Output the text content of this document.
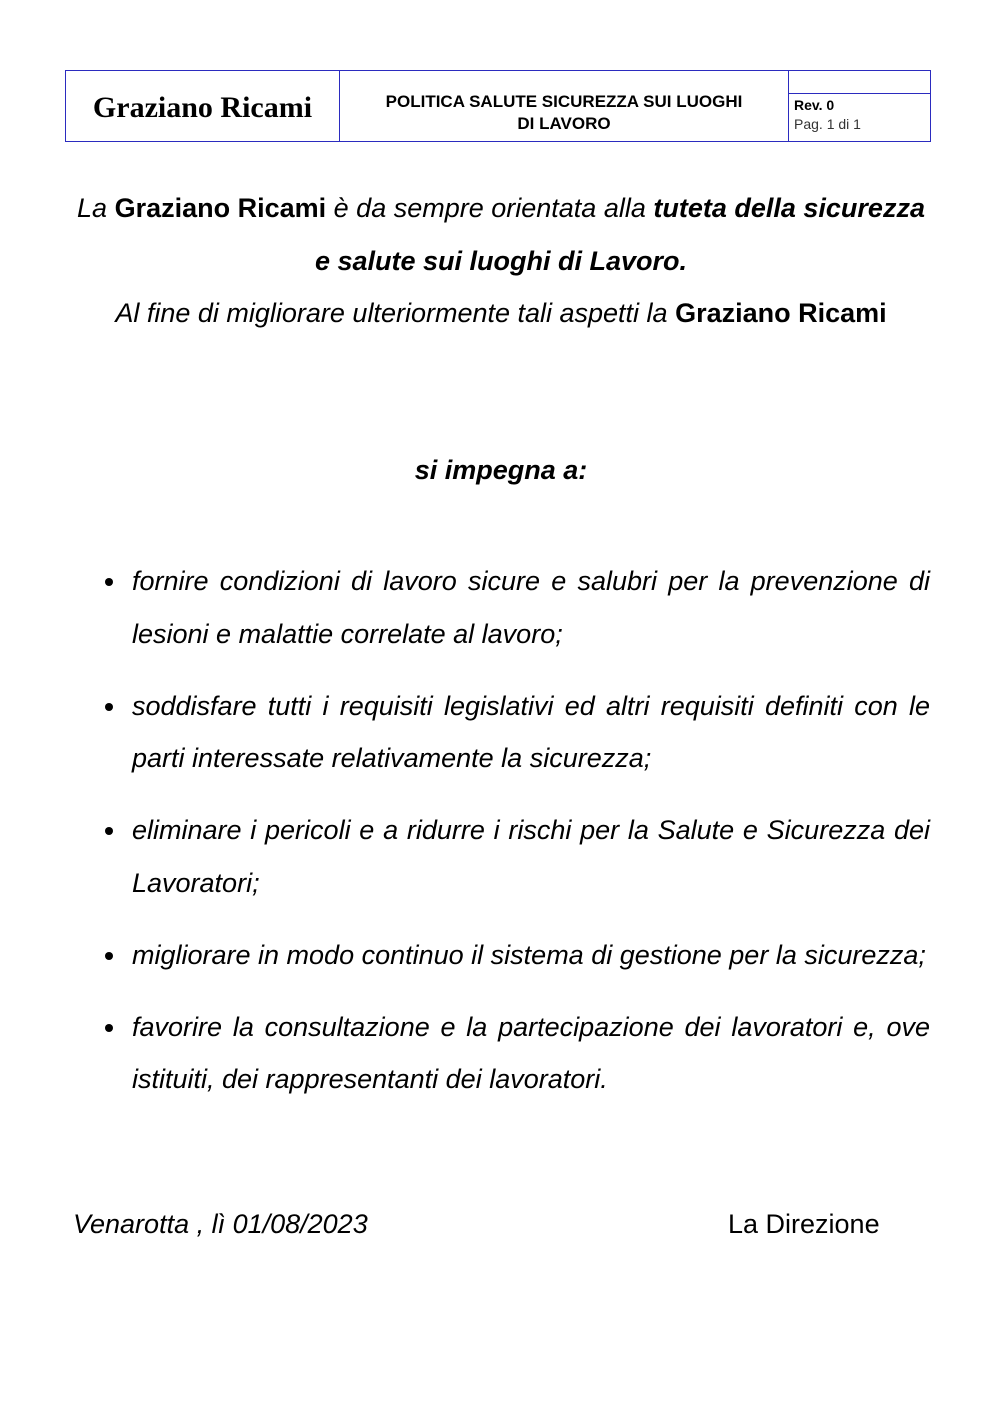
Graziano Ricami	POLITICA SALUTE SICUREZZA SUI LUOGHI
DI LAVORO
Rev. 0
Pag. 1 di 1
La Graziano Ricami è da sempre orientata alla tuteta della sicurezza e salute sui luoghi di Lavoro.
Al fine di migliorare ulteriormente tali aspetti la Graziano Ricami
si impegna a:
fornire condizioni di lavoro sicure e salubri per la prevenzione di lesioni e malattie correlate al lavoro;
soddisfare tutti i requisiti legislativi ed altri requisiti definiti con le parti interessate relativamente la sicurezza;
eliminare i pericoli e a ridurre i rischi per la Salute e Sicurezza dei Lavoratori;
migliorare in modo continuo il sistema di gestione per la sicurezza;
favorire la consultazione e la partecipazione dei lavoratori e, ove istituiti, dei rappresentanti dei lavoratori.
Venarotta , lì 01/08/2023	La Direzione
